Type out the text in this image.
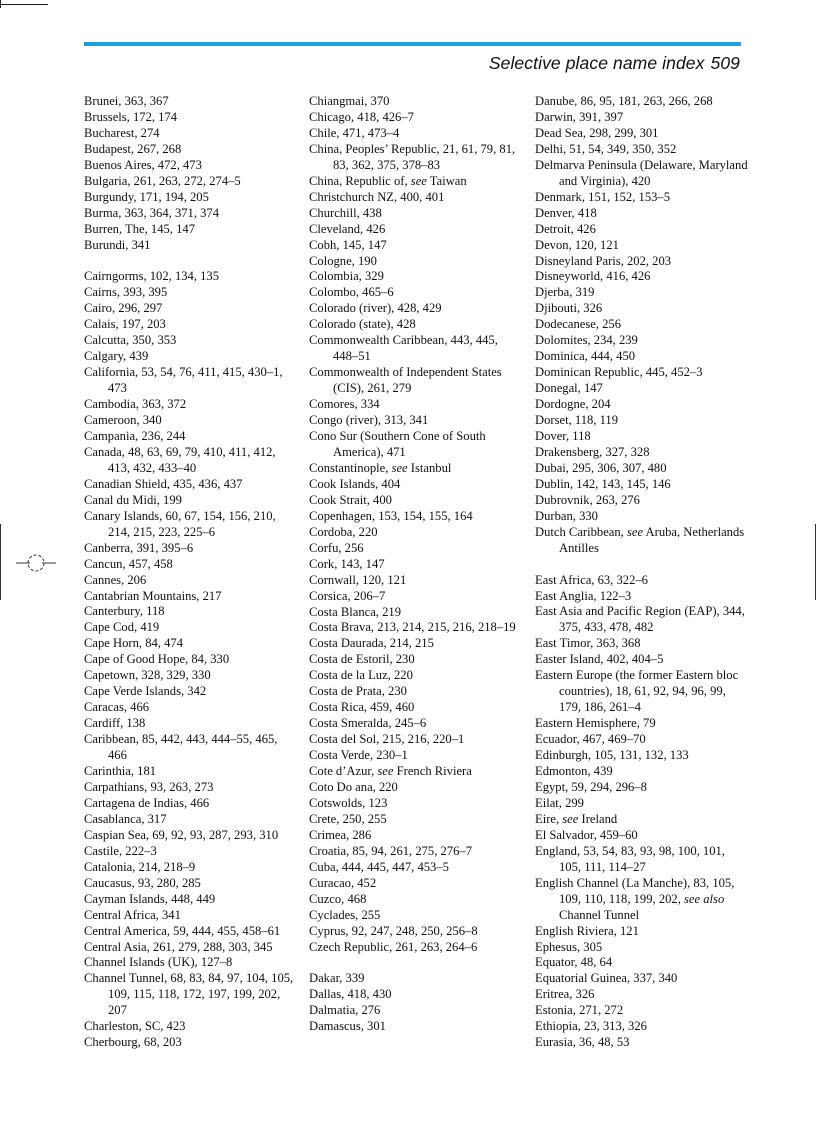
Selective place name index 509
Brunei, 363, 367
Brussels, 172, 174
Bucharest, 274
Budapest, 267, 268
Buenos Aires, 472, 473
Bulgaria, 261, 263, 272, 274–5
Burgundy, 171, 194, 205
Burma, 363, 364, 371, 374
Burren, The, 145, 147
Burundi, 341
Cairngorms, 102, 134, 135
Cairns, 393, 395
Cairo, 296, 297
Calais, 197, 203
Calcutta, 350, 353
Calgary, 439
California, 53, 54, 76, 411, 415, 430–1, 473
Cambodia, 363, 372
Cameroon, 340
Campania, 236, 244
Canada, 48, 63, 69, 79, 410, 411, 412, 413, 432, 433–40
Canadian Shield, 435, 436, 437
Canal du Midi, 199
Canary Islands, 60, 67, 154, 156, 210, 214, 215, 223, 225–6
Canberra, 391, 395–6
Cancun, 457, 458
Cannes, 206
Cantabrian Mountains, 217
Canterbury, 118
Cape Cod, 419
Cape Horn, 84, 474
Cape of Good Hope, 84, 330
Capetown, 328, 329, 330
Cape Verde Islands, 342
Caracas, 466
Cardiff, 138
Caribbean, 85, 442, 443, 444–55, 465, 466
Carinthia, 181
Carpathians, 93, 263, 273
Cartagena de Indias, 466
Casablanca, 317
Caspian Sea, 69, 92, 93, 287, 293, 310
Castile, 222–3
Catalonia, 214, 218–9
Caucasus, 93, 280, 285
Cayman Islands, 448, 449
Central Africa, 341
Central America, 59, 444, 455, 458–61
Central Asia, 261, 279, 288, 303, 345
Channel Islands (UK), 127–8
Channel Tunnel, 68, 83, 84, 97, 104, 105, 109, 115, 118, 172, 197, 199, 202, 207
Charleston, SC, 423
Cherbourg, 68, 203
Chiangmai, 370
Chicago, 418, 426–7
Chile, 471, 473–4
China, Peoples’ Republic, 21, 61, 79, 81, 83, 362, 375, 378–83
China, Republic of, see Taiwan
Christchurch NZ, 400, 401
Churchill, 438
Cleveland, 426
Cobh, 145, 147
Cologne, 190
Colombia, 329
Colombo, 465–6
Colorado (river), 428, 429
Colorado (state), 428
Commonwealth Caribbean, 443, 445, 448–51
Commonwealth of Independent States (CIS), 261, 279
Comores, 334
Congo (river), 313, 341
Cono Sur (Southern Cone of South America), 471
Constantinople, see Istanbul
Cook Islands, 404
Cook Strait, 400
Copenhagen, 153, 154, 155, 164
Cordoba, 220
Corfu, 256
Cork, 143, 147
Cornwall, 120, 121
Corsica, 206–7
Costa Blanca, 219
Costa Brava, 213, 214, 215, 216, 218–19
Costa Daurada, 214, 215
Costa de Estoril, 230
Costa de la Luz, 220
Costa de Prata, 230
Costa Rica, 459, 460
Costa Smeralda, 245–6
Costa del Sol, 215, 216, 220–1
Costa Verde, 230–1
Cote d’Azur, see French Riviera
Coto Do ana, 220
Cotswolds, 123
Crete, 250, 255
Crimea, 286
Croatia, 85, 94, 261, 275, 276–7
Cuba, 444, 445, 447, 453–5
Curacao, 452
Cuzco, 468
Cyclades, 255
Cyprus, 92, 247, 248, 250, 256–8
Czech Republic, 261, 263, 264–6
Dakar, 339
Dallas, 418, 430
Dalmatia, 276
Damascus, 301
Danube, 86, 95, 181, 263, 266, 268
Darwin, 391, 397
Dead Sea, 298, 299, 301
Delhi, 51, 54, 349, 350, 352
Delmarva Peninsula (Delaware, Maryland and Virginia), 420
Denmark, 151, 152, 153–5
Denver, 418
Detroit, 426
Devon, 120, 121
Disneyland Paris, 202, 203
Disneyworld, 416, 426
Djerba, 319
Djibouti, 326
Dodecanese, 256
Dolomites, 234, 239
Dominica, 444, 450
Dominican Republic, 445, 452–3
Donegal, 147
Dordogne, 204
Dorset, 118, 119
Dover, 118
Drakensberg, 327, 328
Dubai, 295, 306, 307, 480
Dublin, 142, 143, 145, 146
Dubrovnik, 263, 276
Durban, 330
Dutch Caribbean, see Aruba, Netherlands Antilles
East Africa, 63, 322–6
East Anglia, 122–3
East Asia and Pacific Region (EAP), 344, 375, 433, 478, 482
East Timor, 363, 368
Easter Island, 402, 404–5
Eastern Europe (the former Eastern bloc countries), 18, 61, 92, 94, 96, 99, 179, 186, 261–4
Eastern Hemisphere, 79
Ecuador, 467, 469–70
Edinburgh, 105, 131, 132, 133
Edmonton, 439
Egypt, 59, 294, 296–8
Eilat, 299
Eire, see Ireland
El Salvador, 459–60
England, 53, 54, 83, 93, 98, 100, 101, 105, 111, 114–27
English Channel (La Manche), 83, 105, 109, 110, 118, 199, 202, see also Channel Tunnel
English Riviera, 121
Ephesus, 305
Equator, 48, 64
Equatorial Guinea, 337, 340
Eritrea, 326
Estonia, 271, 272
Ethiopia, 23, 313, 326
Eurasia, 36, 48, 53
